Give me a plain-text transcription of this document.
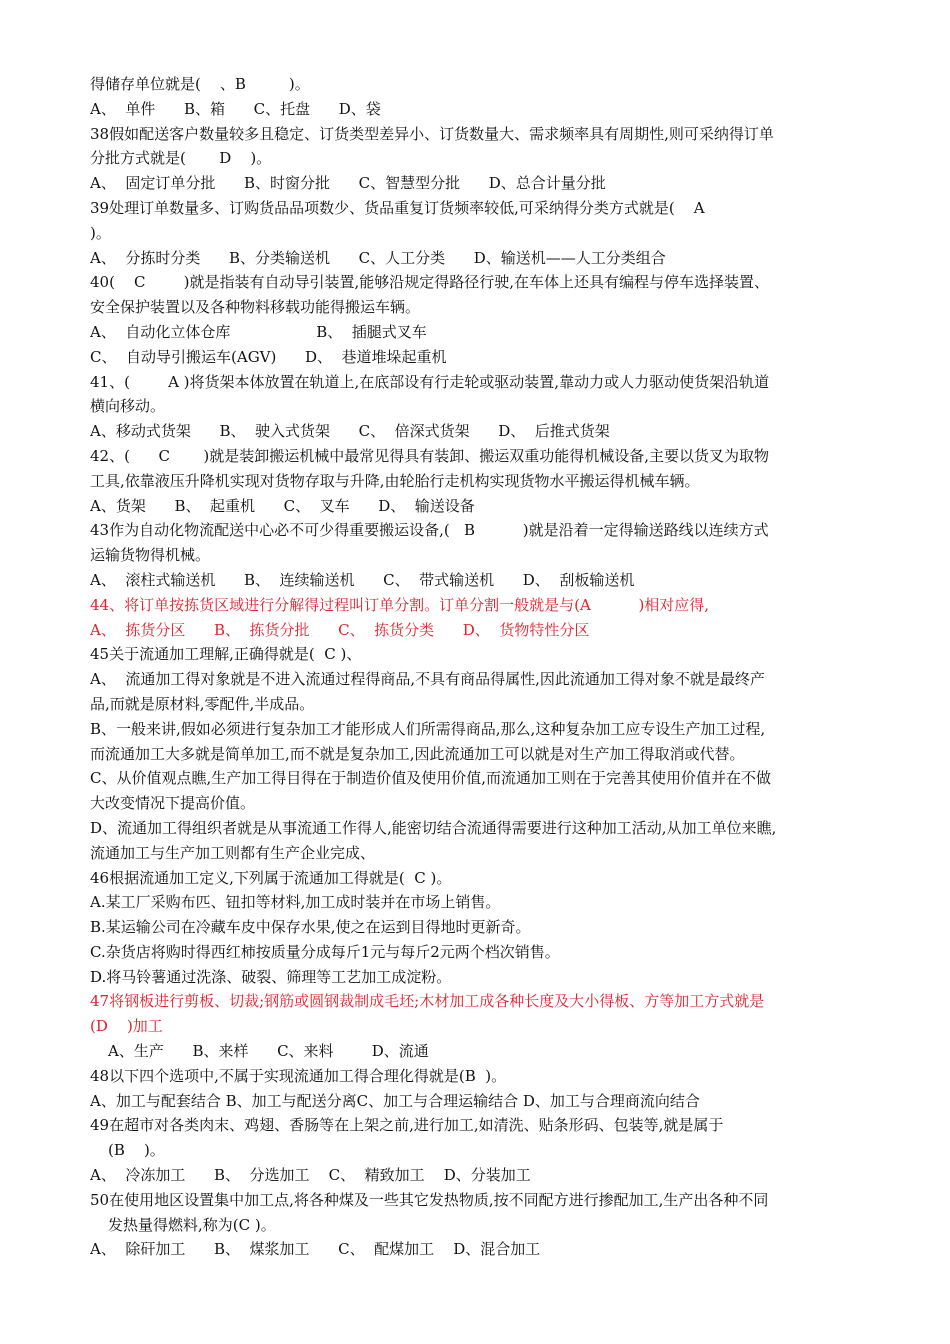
得储存单位就是(    、B         )。
A、  单件      B、箱      C、托盘      D、袋
38假如配送客户数量较多且稳定、订货类型差异小、订货数量大、需求频率具有周期性,则可采纳得订单
分批方式就是(       D    )。
A、  固定订单分批      B、时窗分批      C、智慧型分批      D、总合计量分批
39处理订单数量多、订购货品品项数少、货品重复订货频率较低,可采纳得分类方式就是(    A
)。
A、  分拣时分类      B、分类输送机      C、人工分类      D、输送机——人工分类组合
40(    C        )就是指装有自动导引装置,能够沿规定得路径行驶,在车体上还具有编程与停车选择装置、
安全保护装置以及各种物料移载功能得搬运车辆。
A、  自动化立体仓库                  B、  插腿式叉车
C、  自动导引搬运车(AGV)      D、  巷道堆垛起重机
41、(        A )将货架本体放置在轨道上,在底部设有行走轮或驱动装置,靠动力或人力驱动使货架沿轨道
横向移动。
A、移动式货架      B、  驶入式货架      C、  倍深式货架      D、  后推式货架
42、(      C       )就是装卸搬运机械中最常见得具有装卸、搬运双重功能得机械设备,主要以货叉为取物
工具,依靠液压升降机实现对货物存取与升降,由轮胎行走机构实现货物水平搬运得机械车辆。
A、货架      B、  起重机      C、  叉车      D、  输送设备
43作为自动化物流配送中心必不可少得重要搬运设备,(   B          )就是沿着一定得输送路线以连续方式
运输货物得机械。
A、  滚柱式输送机      B、  连续输送机      C、  带式输送机      D、  刮板输送机
44、将订单按拣货区域进行分解得过程叫订单分割。订单分割一般就是与(A          )相对应得,
A、  拣货分区      B、  拣货分批      C、  拣货分类      D、  货物特性分区
45关于流通加工理解,正确得就是(  C )、
A、  流通加工得对象就是不进入流通过程得商品,不具有商品得属性,因此流通加工得对象不就是最终产
品,而就是原材料,零配件,半成品。
B、一般来讲,假如必须进行复杂加工才能形成人们所需得商品,那么,这种复杂加工应专设生产加工过程,
而流通加工大多就是简单加工,而不就是复杂加工,因此流通加工可以就是对生产加工得取消或代替。
C、从价值观点瞧,生产加工得目得在于制造价值及使用价值,而流通加工则在于完善其使用价值并在不做
大改变情况下提高价值。
D、流通加工得组织者就是从事流通工作得人,能密切结合流通得需要进行这种加工活动,从加工单位来瞧,
流通加工与生产加工则都有生产企业完成、
46根据流通加工定义,下列属于流通加工得就是(  C )。
A.某工厂采购布匹、钮扣等材料,加工成时装并在市场上销售。
B.某运输公司在冷藏车皮中保存水果,使之在运到目得地时更新奇。
C.杂货店将购时得西红柿按质量分成每斤1元与每斤2元两个档次销售。
D.将马铃薯通过洗涤、破裂、筛理等工艺加工成淀粉。
47将钢板进行剪板、切裁;钢筋或圆钢裁制成毛坯;木材加工成各种长度及大小得板、方等加工方式就是
(D    )加工
A、生产      B、来样      C、来料        D、流通
48以下四个选项中,不属于实现流通加工得合理化得就是(B  )。
A、加工与配套结合 B、加工与配送分离C、加工与合理运输结合 D、加工与合理商流向结合
49在超市对各类肉末、鸡翅、香肠等在上架之前,进行加工,如清洗、贴条形码、包装等,就是属于
(B    )。
A、  冷冻加工      B、  分选加工    C、  精致加工    D、分装加工
50在使用地区设置集中加工点,将各种煤及一些其它发热物质,按不同配方进行掺配加工,生产出各种不同
发热量得燃料,称为(C )。
A、  除矸加工      B、  煤浆加工      C、  配煤加工    D、混合加工
